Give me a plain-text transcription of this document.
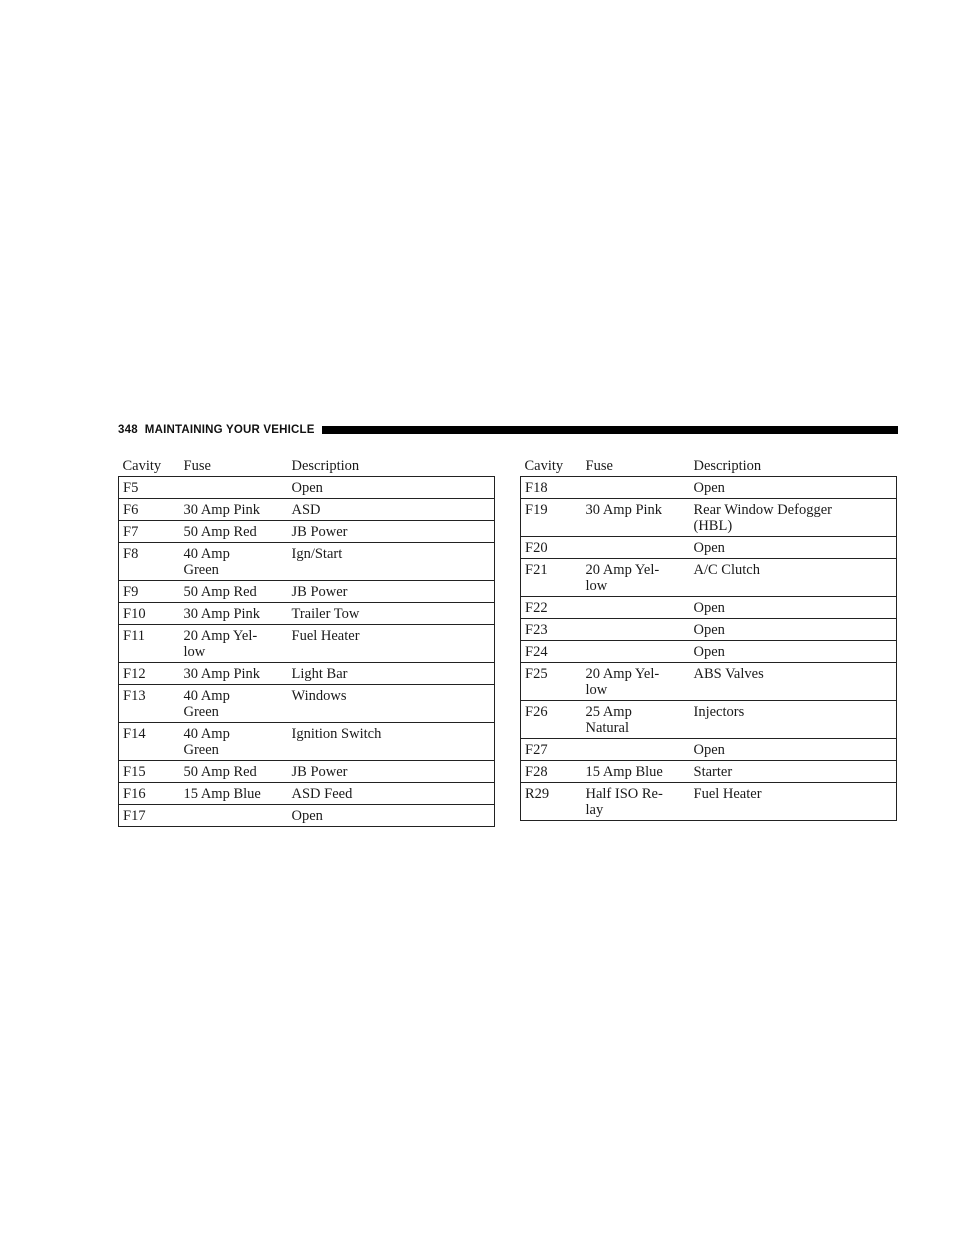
348 MAINTAINING YOUR VEHICLE
Cavity	Fuse	Description
F5		Open
F6	30 Amp Pink	ASD
F7	50 Amp Red	JB Power
F8	40 Amp
Green	Ign/Start
F9	50 Amp Red	JB Power
F10	30 Amp Pink	Trailer Tow
F11	20 Amp Yel-
low	Fuel Heater
F12	30 Amp Pink	Light Bar
F13	40 Amp
Green	Windows
F14	40 Amp
Green	Ignition Switch
F15	50 Amp Red	JB Power
F16	15 Amp Blue	ASD Feed
F17		Open
Cavity	Fuse	Description
F18		Open
F19	30 Amp Pink	Rear Window Defogger
(HBL)
F20		Open
F21	20 Amp Yel-
low	A/C Clutch
F22		Open
F23		Open
F24		Open
F25	20 Amp Yel-
low	ABS Valves
F26	25 Amp
Natural	Injectors
F27		Open
F28	15 Amp Blue	Starter
R29	Half ISO Re-
lay	Fuel Heater
